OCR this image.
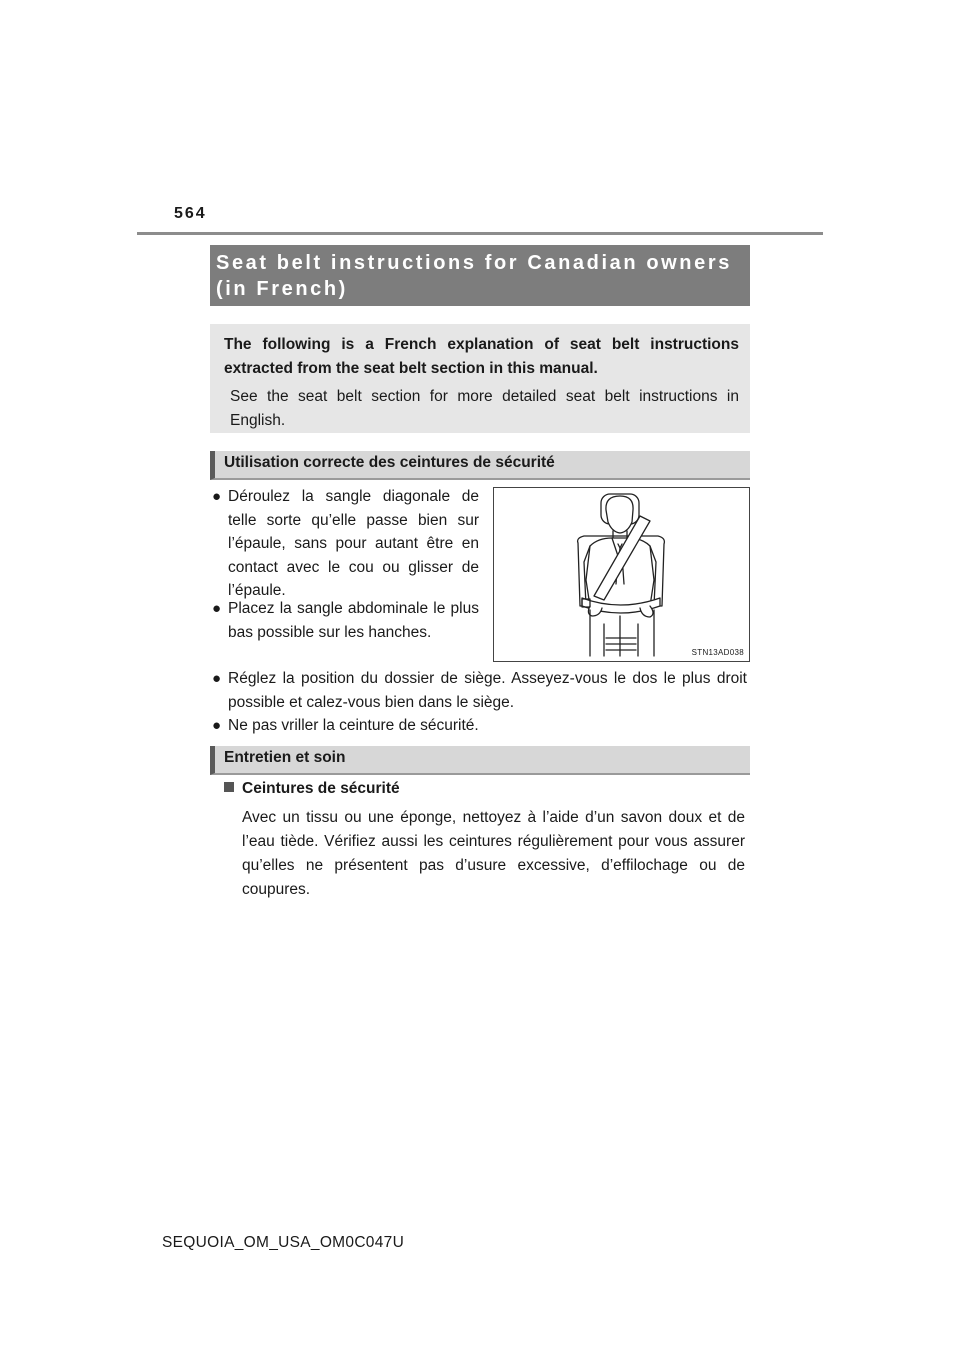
564
Seat belt instructions for Canadian owners (in French)
The following is a French explanation of seat belt instructions extracted from the seat belt section in this manual.
See the seat belt section for more detailed seat belt instructions in English.
Utilisation correcte des ceintures de sécurité
● Déroulez la sangle diagonale de telle sorte qu’elle passe bien sur l’épaule, sans pour autant être en contact avec le cou ou glisser de l’épaule.
● Placez la sangle abdominale le plus bas possible sur les hanches.
● Réglez la position du dossier de siège. Asseyez-vous le dos le plus droit possible et calez-vous bien dans le siège.
● Ne pas vriller la ceinture de sécurité.
STN13AD038
Entretien et soin
Ceintures de sécurité
Avec un tissu ou une éponge, nettoyez à l’aide d’un savon doux et de l’eau tiède. Vérifiez aussi les ceintures régulièrement pour vous assurer qu’elles ne présentent pas d’usure excessive, d’effilochage ou de coupures.
SEQUOIA_OM_USA_OM0C047U
